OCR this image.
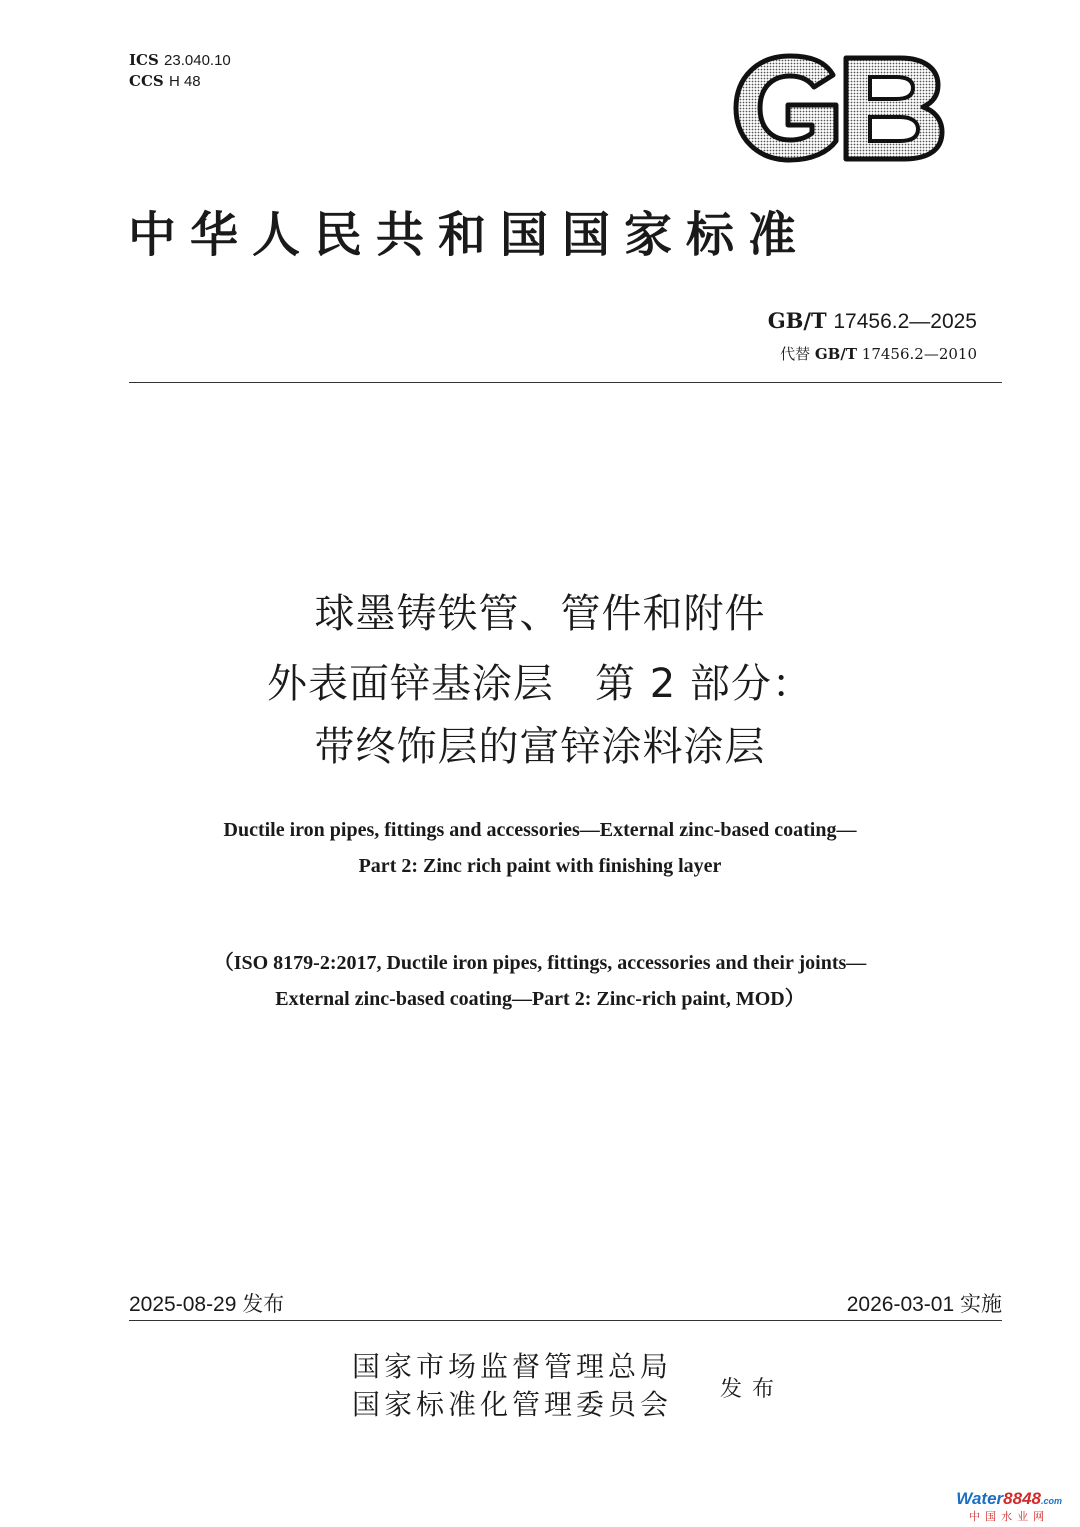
ICS 23.040.10
CCS H 48
中华人民共和国国家标准
GB/T 17456.2—2025
代替 GB/T 17456.2—2010
球墨铸铁管、管件和附件
外表面锌基涂层　第 2 部分：
带终饰层的富锌涂料涂层
Ductile iron pipes, fittings and accessories—External zinc-based coating—
Part 2: Zinc rich paint with finishing layer
（ISO 8179-2:2017, Ductile iron pipes, fittings, accessories and their joints—
External zinc-based coating—Part 2: Zinc-rich paint, MOD）
2025-08-29 发布	2026-03-01 实施
国家市场监督管理总局
国家标准化管理委员会 发布
Water8848.com
中国水业网
